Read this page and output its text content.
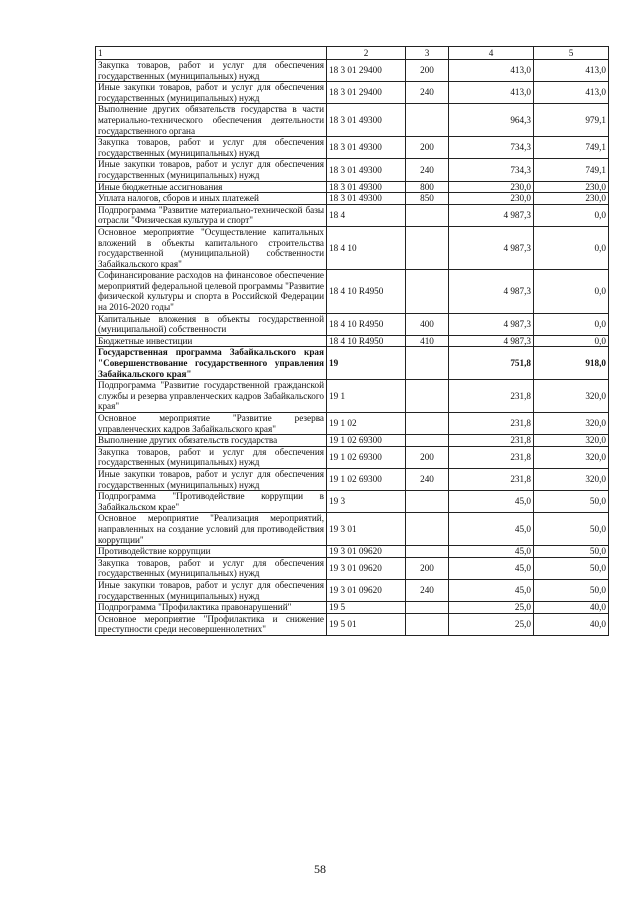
1	2	3	4	5
Закупка товаров, работ и услуг для обеспечения государственных (муниципальных) нужд	18 3 01 29400	200	413,0	413,0
Иные закупки товаров, работ и услуг для обеспечения государственных (муниципальных) нужд	18 3 01 29400	240	413,0	413,0
Выполнение других обязательств государства в части материально-технического обеспечения деятельности государственного органа	18 3 01 49300		964,3	979,1
Закупка товаров, работ и услуг для обеспечения государственных (муниципальных) нужд	18 3 01 49300	200	734,3	749,1
Иные закупки товаров, работ и услуг для обеспечения государственных (муниципальных) нужд	18 3 01 49300	240	734,3	749,1
Иные бюджетные ассигнования	18 3 01 49300	800	230,0	230,0
Уплата налогов, сборов и иных платежей	18 3 01 49300	850	230,0	230,0
Подпрограмма "Развитие материально-технической базы отрасли "Физическая культура и спорт"	18 4		4 987,3	0,0
Основное мероприятие "Осуществление капитальных вложений в объекты капитального строительства государственной (муниципальной) собственности Забайкальского края"	18 4 10		4 987,3	0,0
Софинансирование расходов на финансовое обеспечение мероприятий федеральной целевой программы "Развитие физической культуры и спорта в Российской Федерации на 2016-2020 годы"	18 4 10 R4950		4 987,3	0,0
Капитальные вложения в объекты государственной (муниципальной) собственности	18 4 10 R4950	400	4 987,3	0,0
Бюджетные инвестиции	18 4 10 R4950	410	4 987,3	0,0
Государственная программа Забайкальского края "Совершенствование государственного управления Забайкальского края"	19		751,8	918,0
Подпрограмма "Развитие государственной гражданской службы и резерва управленческих кадров Забайкальского края"	19 1		231,8	320,0
Основное мероприятие "Развитие резерва управленческих кадров Забайкальского края"	19 1 02		231,8	320,0
Выполнение других обязательств государства	19 1 02 69300		231,8	320,0
Закупка товаров, работ и услуг для обеспечения государственных (муниципальных) нужд	19 1 02 69300	200	231,8	320,0
Иные закупки товаров, работ и услуг для обеспечения государственных (муниципальных) нужд	19 1 02 69300	240	231,8	320,0
Подпрограмма "Противодействие коррупции в Забайкальском крае"	19 3		45,0	50,0
Основное мероприятие "Реализация мероприятий, направленных на создание условий для противодействия коррупции"	19 3 01		45,0	50,0
Противодействие коррупции	19 3 01 09620		45,0	50,0
Закупка товаров, работ и услуг для обеспечения государственных (муниципальных) нужд	19 3 01 09620	200	45,0	50,0
Иные закупки товаров, работ и услуг для обеспечения государственных (муниципальных) нужд	19 3 01 09620	240	45,0	50,0
Подпрограмма "Профилактика правонарушений"	19 5		25,0	40,0
Основное мероприятие "Профилактика и снижение преступности среди несовершеннолетних"	19 5 01		25,0	40,0
58
